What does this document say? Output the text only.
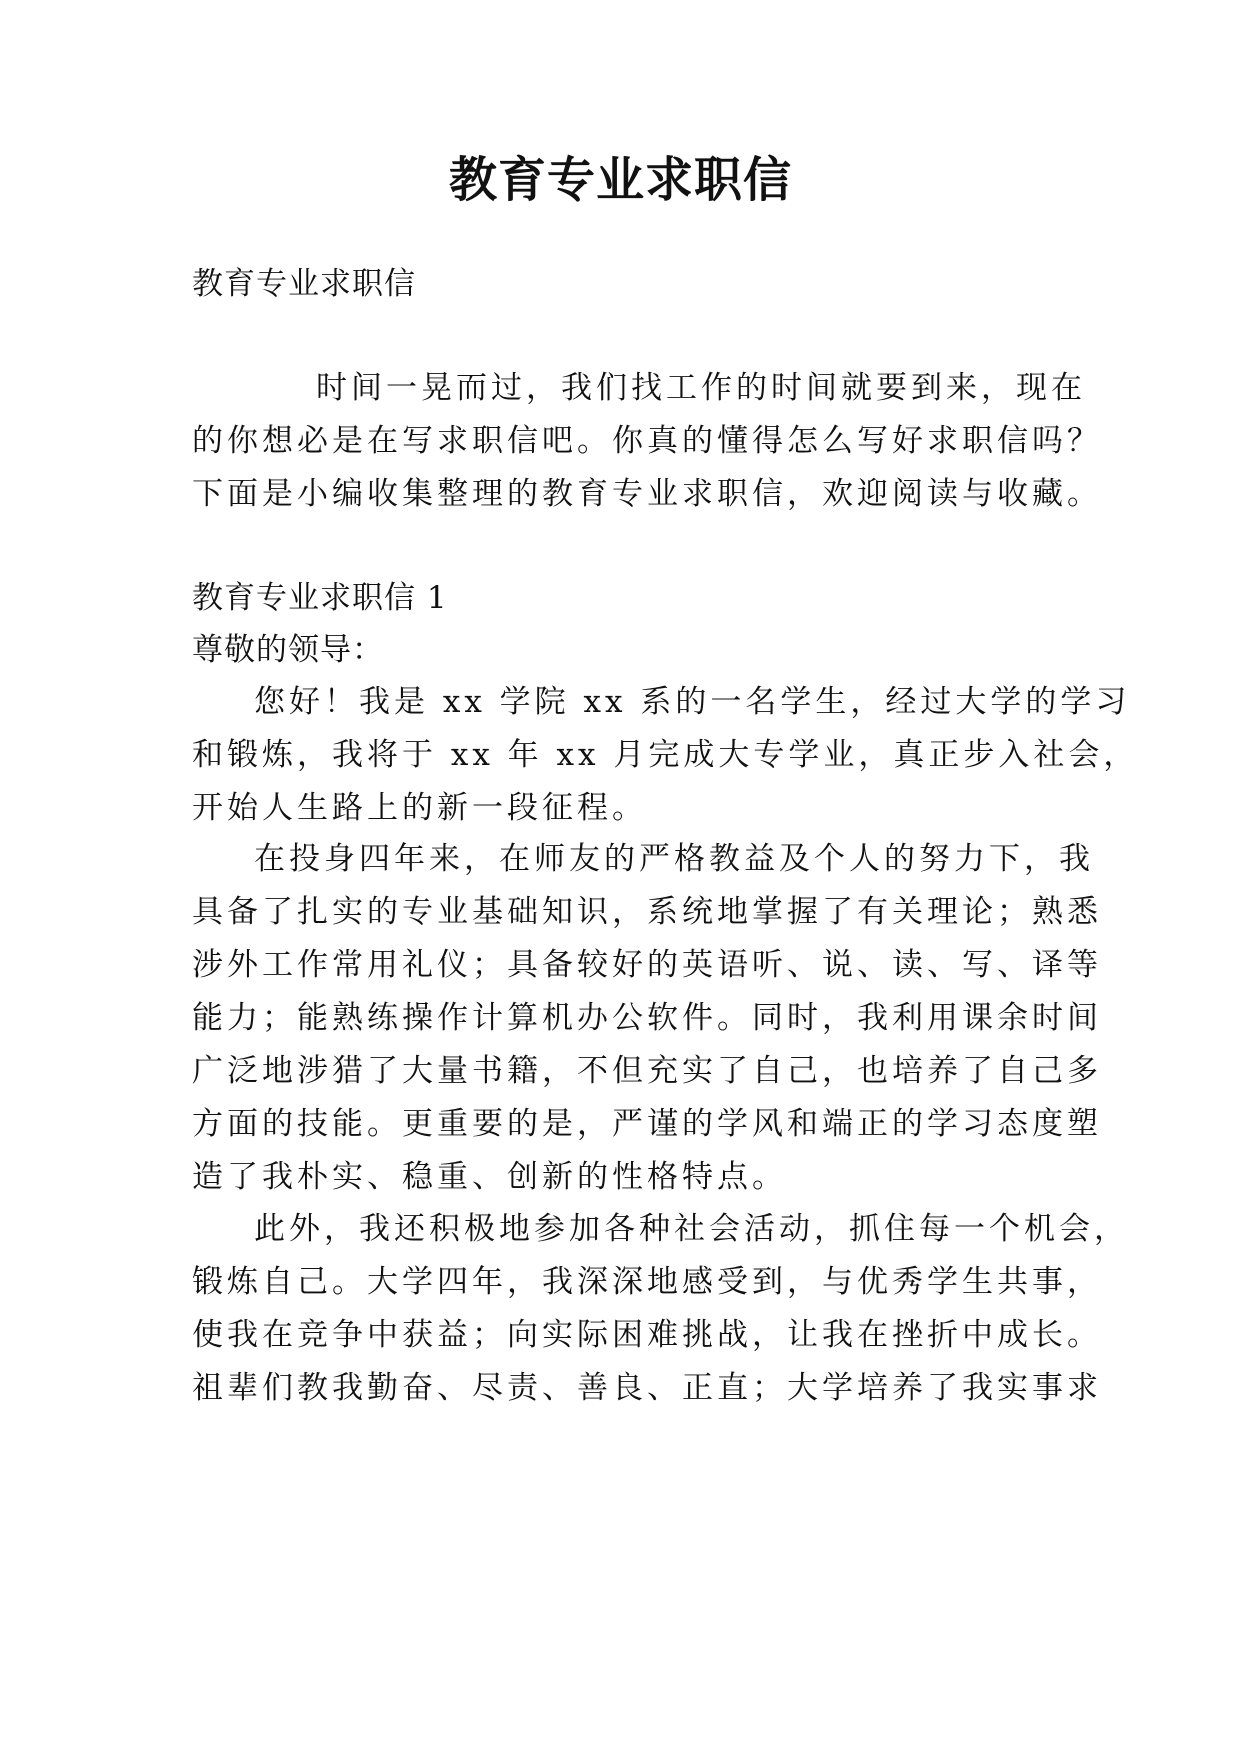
教育专业求职信
教育专业求职信
时间一晃而过，我们找工作的时间就要到来，现在
的你想必是在写求职信吧。你真的懂得怎么写好求职信吗？
下面是小编收集整理的教育专业求职信，欢迎阅读与收藏。
教育专业求职信 1
尊敬的领导：
您好！我是 xx 学院 xx 系的一名学生，经过大学的学习
和锻炼，我将于 xx 年 xx 月完成大专学业，真正步入社会，
开始人生路上的新一段征程。
在投身四年来，在师友的严格教益及个人的努力下，我
具备了扎实的专业基础知识，系统地掌握了有关理论；熟悉
涉外工作常用礼仪；具备较好的英语听、说、读、写、译等
能力；能熟练操作计算机办公软件。同时，我利用课余时间
广泛地涉猎了大量书籍，不但充实了自己，也培养了自己多
方面的技能。更重要的是，严谨的学风和端正的学习态度塑
造了我朴实、稳重、创新的性格特点。
此外，我还积极地参加各种社会活动，抓住每一个机会，
锻炼自己。大学四年，我深深地感受到，与优秀学生共事，
使我在竞争中获益；向实际困难挑战，让我在挫折中成长。
祖辈们教我勤奋、尽责、善良、正直；大学培养了我实事求
